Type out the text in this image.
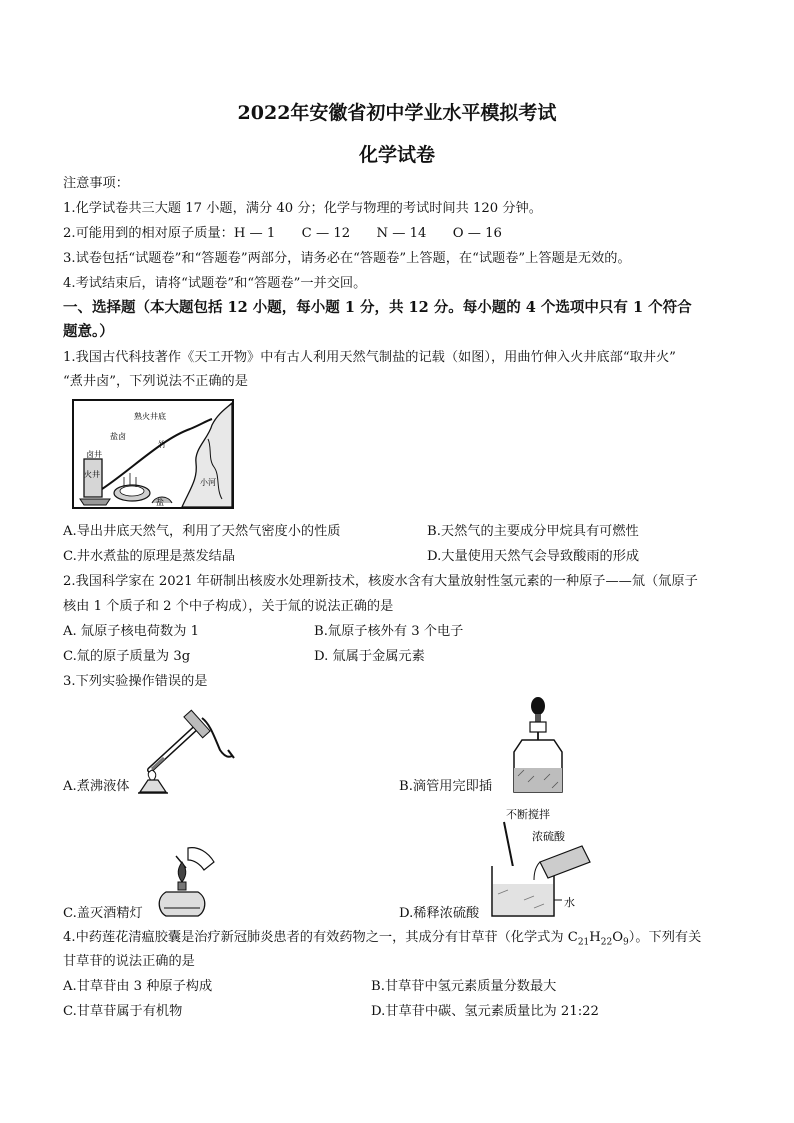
2022年安徽省初中学业水平模拟考试
化学试卷
注意事项：
1.化学试卷共三大题 17 小题，满分 40 分；化学与物理的考试时间共 120 分钟。
2.可能用到的相对原子质量：H — 1　　C — 12　　N — 14　　O — 16
3.试卷包括“试题卷”和“答题卷”两部分，请务必在“答题卷”上答题，在“试题卷”上答题是无效的。
4.考试结束后，请将“试题卷”和“答题卷”一并交回。
一、选择题（本大题包括 12 小题，每小题 1 分，共 12 分。每小题的 4 个选项中只有 1 个符合
题意。）
1.我国古代科技著作《天工开物》中有古人利用天然气制盐的记载（如图），用曲竹伸入火井底部“取井火”
“煮井卤”，下列说法不正确的是
卤井
熟火井底
竹
小河
盐卤
火井
盐
A.导出井底天然气，利用了天然气密度小的性质	B.天然气的主要成分甲烷具有可燃性
C.井水煮盐的原理是蒸发结晶	D.大量使用天然气会导致酸雨的形成
2.我国科学家在 2021 年研制出核废水处理新技术，核废水含有大量放射性氢元素的一种原子——氚（氚原子
核由 1 个质子和 2 个中子构成），关于氚的说法正确的是
A. 氚原子核电荷数为 1	B.氚原子核外有 3 个电子
C.氚的原子质量为 3g	D. 氚属于金属元素
3.下列实验操作错误的是
A.煮沸液体	B.滴管用完即插
C.盖灭酒精灯
不断搅拌
浓硫酸
水
D.稀释浓硫酸
4.中药莲花清瘟胶囊是治疗新冠肺炎患者的有效药物之一，其成分有甘草苷（化学式为 $C_{21}H_{22}O_9$）。下列有关
甘草苷的说法正确的是
A.甘草苷由 3 种原子构成	B.甘草苷中氢元素质量分数最大
C.甘草苷属于有机物	D.甘草苷中碳、氢元素质量比为 21:22
